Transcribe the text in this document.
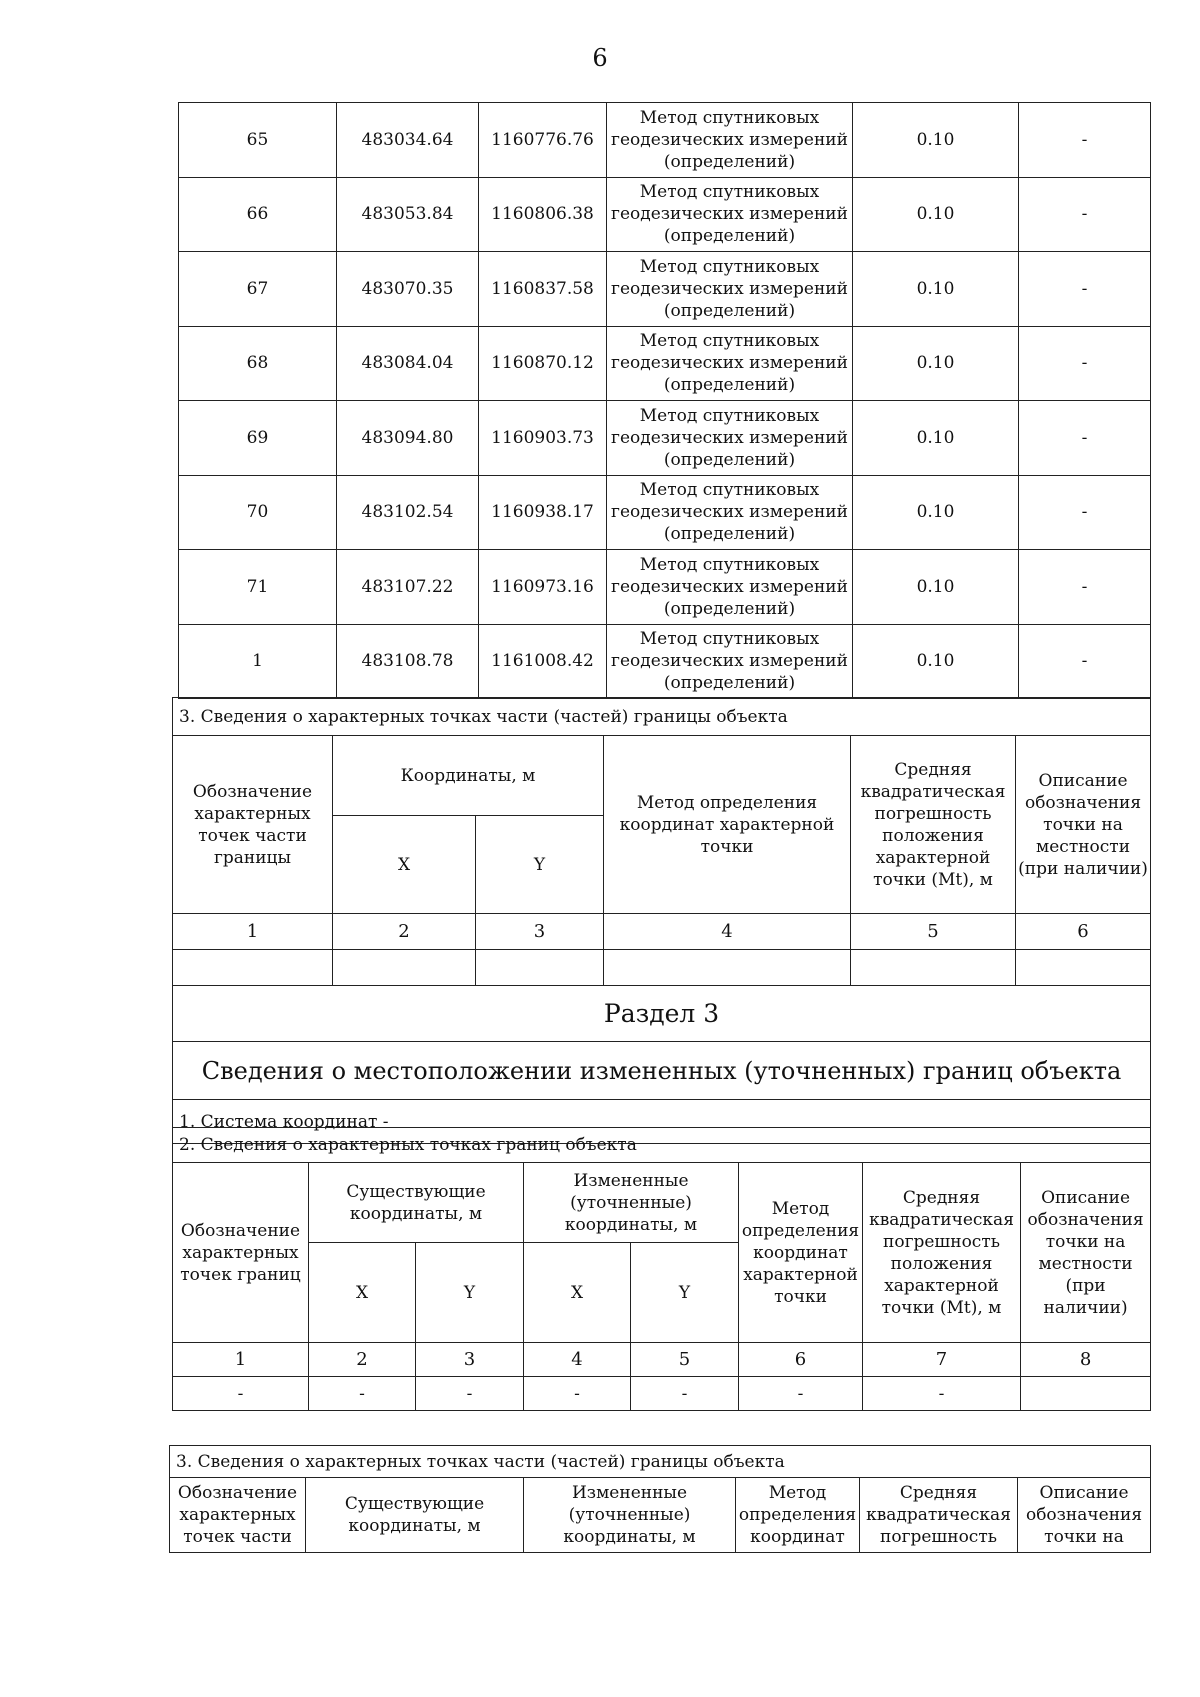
6
65	483034.64	1160776.76	Метод спутниковых геодезических измерений (определений)	0.10	-
66	483053.84	1160806.38	Метод спутниковых геодезических измерений (определений)	0.10	-
67	483070.35	1160837.58	Метод спутниковых геодезических измерений (определений)	0.10	-
68	483084.04	1160870.12	Метод спутниковых геодезических измерений (определений)	0.10	-
69	483094.80	1160903.73	Метод спутниковых геодезических измерений (определений)	0.10	-
70	483102.54	1160938.17	Метод спутниковых геодезических измерений (определений)	0.10	-
71	483107.22	1160973.16	Метод спутниковых геодезических измерений (определений)	0.10	-
1	483108.78	1161008.42	Метод спутниковых геодезических измерений (определений)	0.10	-
3. Сведения о характерных точках части (частей) границы объекта					
Обозначение характерных точек части границы	Координаты, м		Метод определения координат характерной точки	Средняя квадратическая погрешность положения характерной точки (Mt), м	Описание обозначения точки на местности (при наличии)
	X	Y			
1	2	3	4	5	6

Раздел 3					
Сведения о местоположении измененных (уточненных) границ объекта					
1. Система координат -					
2. Сведения о характерных точках границ объекта							
Обозначение характерных точек границ	Существующие координаты, м		Измененные (уточненные) координаты, м		Метод определения координат характерной точки	Средняя квадратическая погрешность положения характерной точки (Mt), м	Описание обозначения точки на местности (при наличии)
	X	Y	X	Y			
1	2	3	4	5	6	7	8
-	-	-	-	-	-	-	
3. Сведения о характерных точках части (частей) границы объекта
Обозначение характерных точек части	Существующие координаты, м	Измененные (уточненные) координаты, м	Метод определения координат	Средняя квадратическая погрешность	Описание обозначения точки на
